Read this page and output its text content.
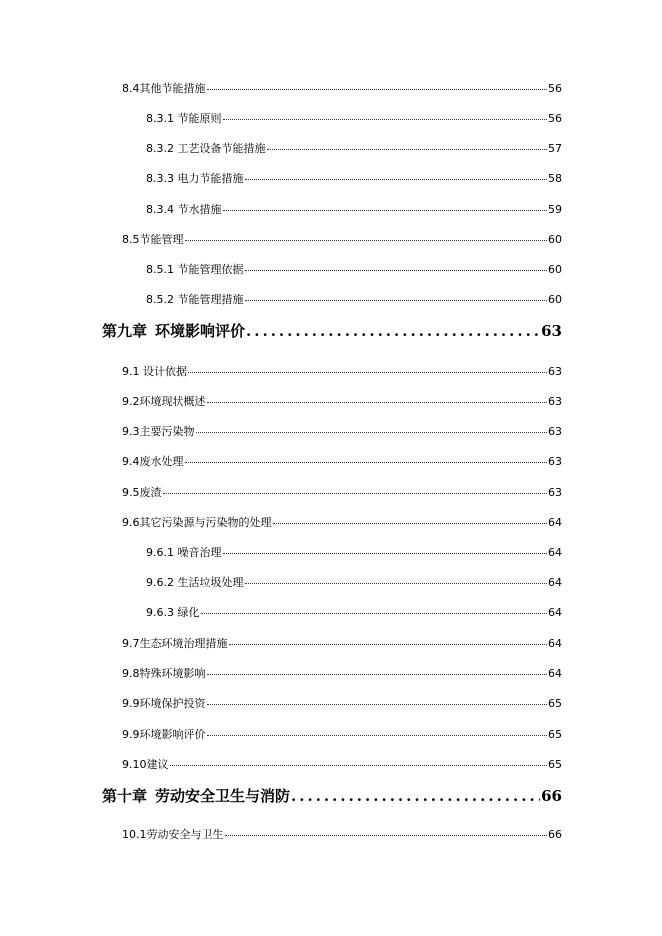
8.4其他节能措施	56
8.3.1 节能原则	56
8.3.2 工艺设备节能措施	57
8.3.3 电力节能措施	58
8.3.4 节水措施	59
8.5节能管理	60
8.5.1 节能管理依据	60
8.5.2 节能管理措施	60
第九章 环境影响评价 .....	63
9.1 设计依据	63
9.2环境现状概述	63
9.3主要污染物	63
9.4废水处理	63
9.5废渣	63
9.6其它污染源与污染物的处理	64
9.6.1 噪音治理	64
9.6.2 生活垃圾处理	64
9.6.3 绿化	64
9.7生态环境治理措施	64
9.8特殊环境影响	64
9.9环境保护投资	65
9.9环境影响评价	65
9.10建议	65
第十章 劳动安全卫生与消防 .....	66
10.1劳动安全与卫生	66
